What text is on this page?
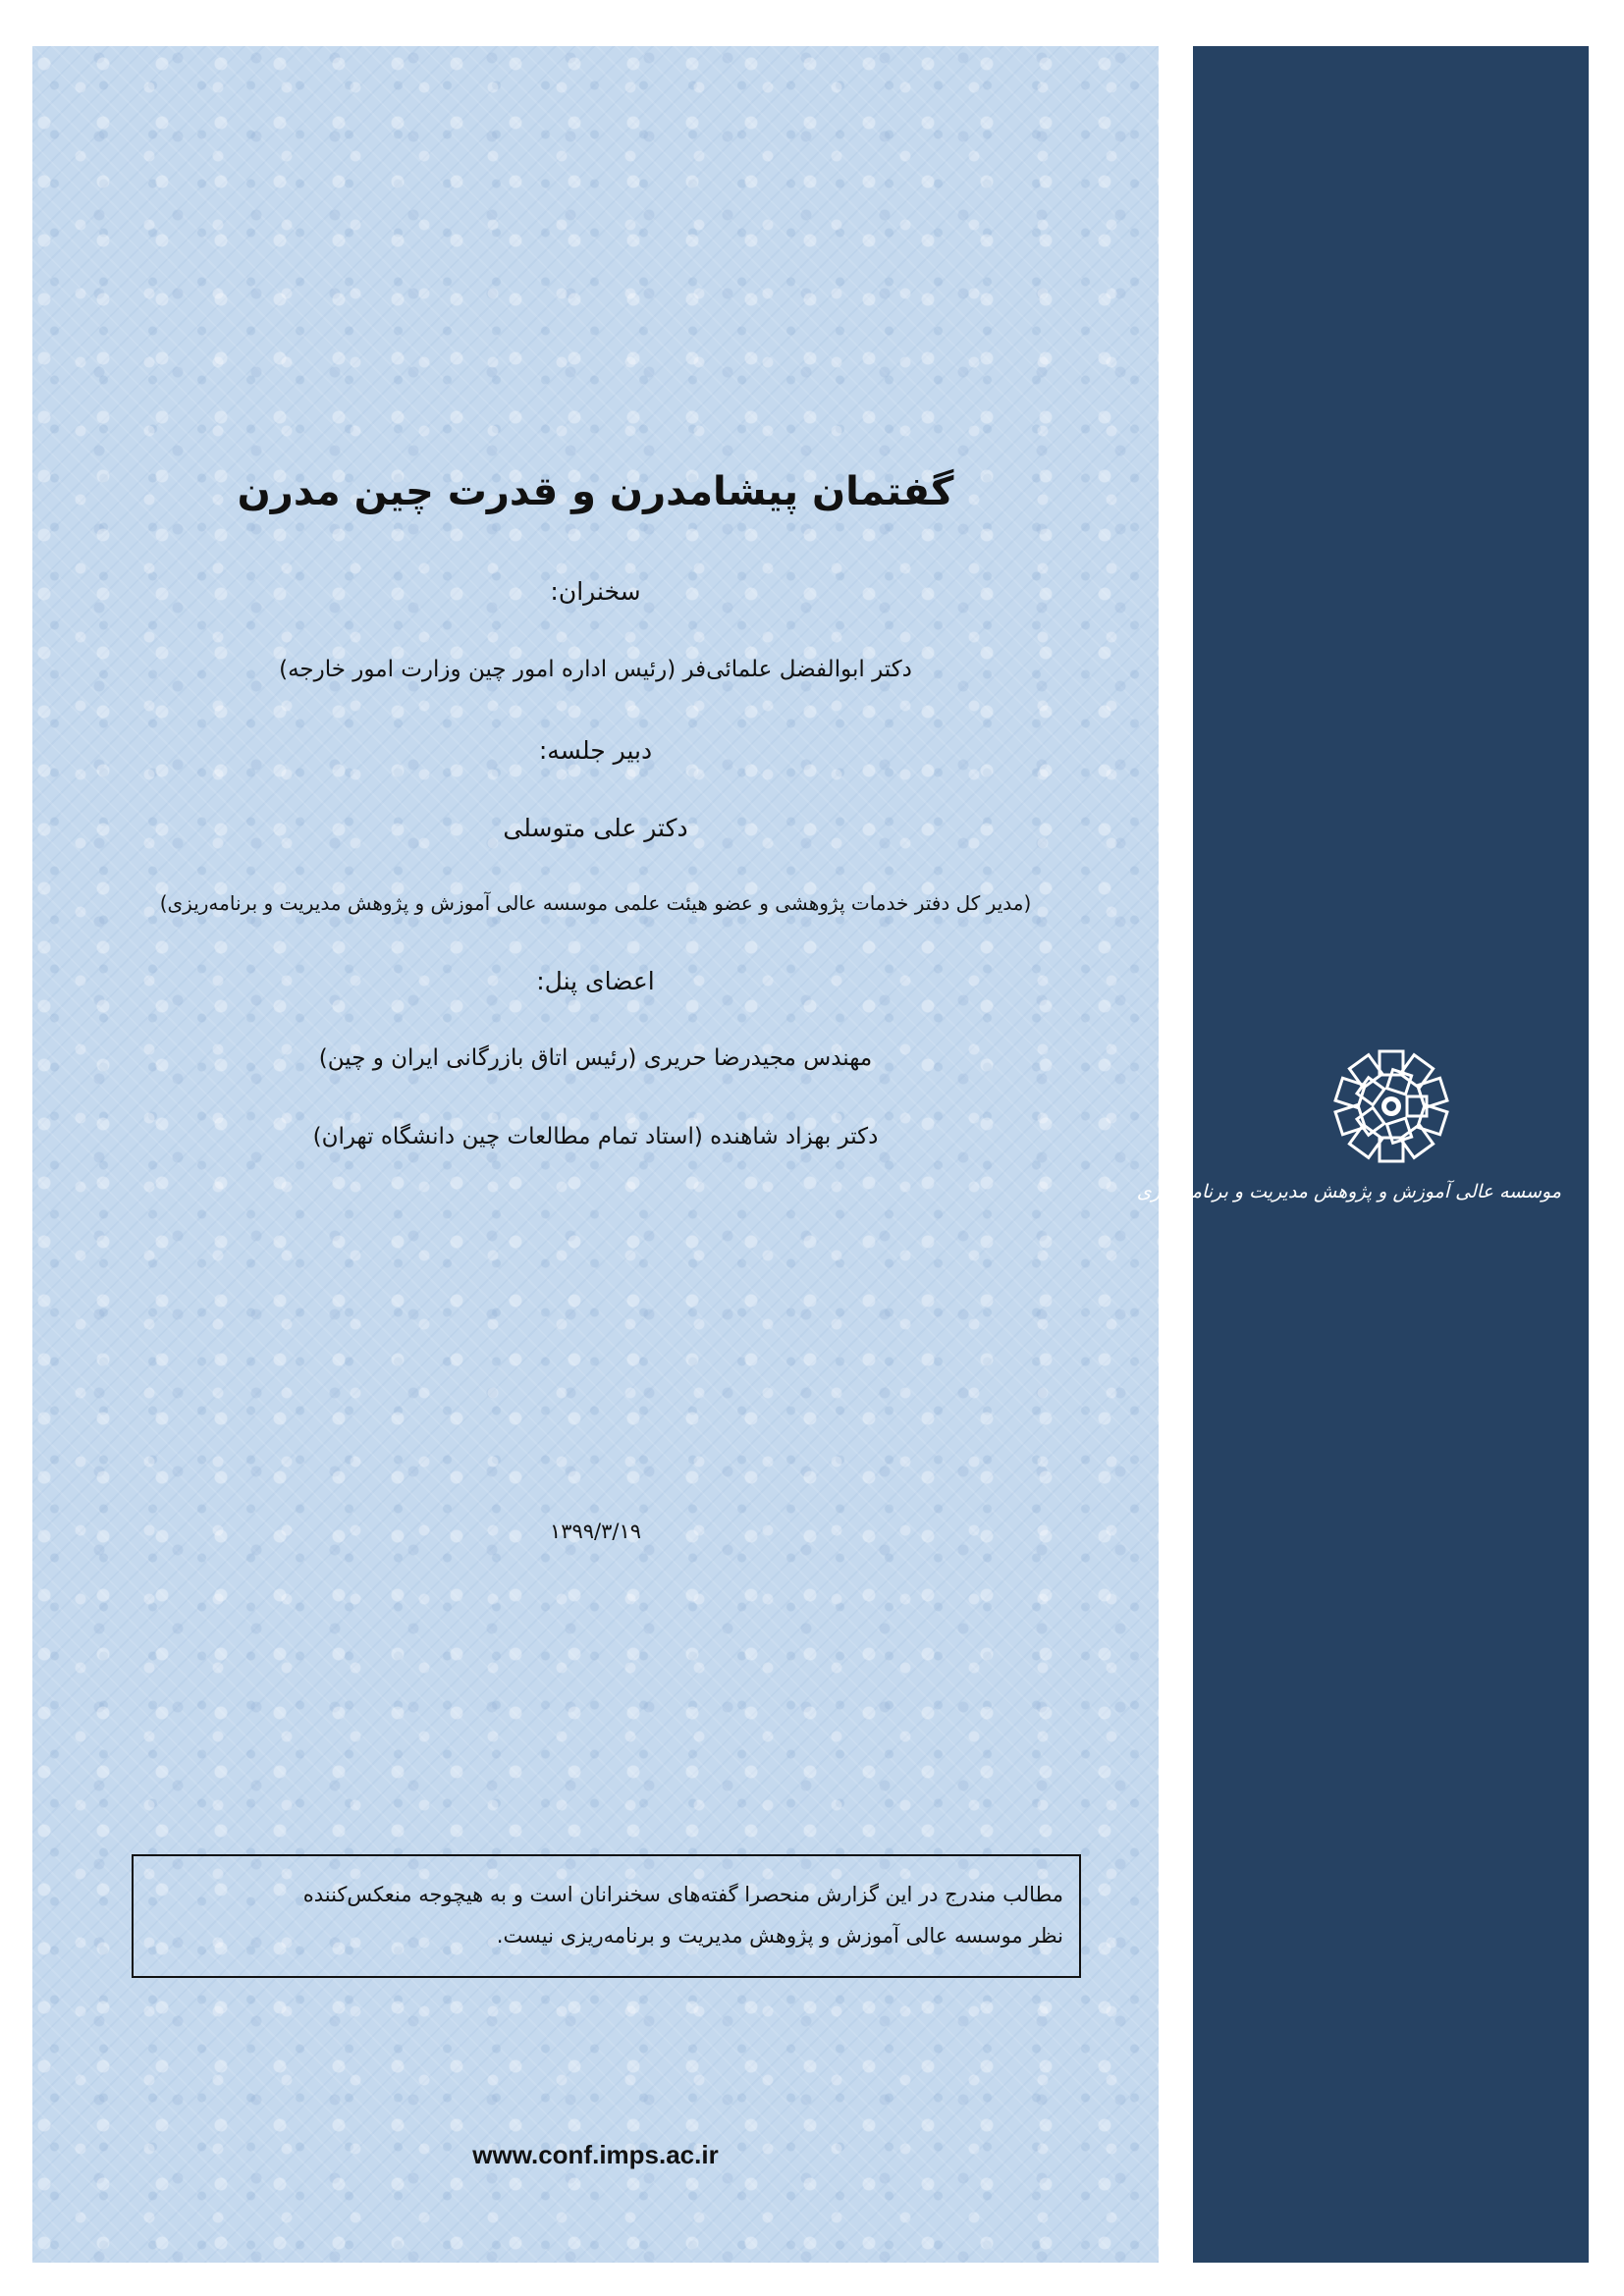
گفتمان پیشامدرن و قدرت چین مدرن
سخنران:
دکتر ابوالفضل علمائی‌فر (رئیس اداره امور چین وزارت امور خارجه)
دبیر جلسه:
دکتر علی متوسلی
(مدیر کل دفتر خدمات پژوهشی و عضو هیئت علمی موسسه عالی آموزش و پژوهش مدیریت و برنامه‌ریزی)
اعضای پنل:
مهندس مجیدرضا حریری (رئیس اتاق بازرگانی ایران و چین)
دکتر بهزاد شاهنده (استاد تمام مطالعات چین دانشگاه تهران)
۱۳۹۹/۳/۱۹

مطالب مندرج در این گزارش منحصرا گفته‌های سخنرانان است و به هیچوجه منعکس‌کننده

نظر موسسه عالی آموزش و پژوهش مدیریت و برنامه‌ریزی نیست.

www.conf.imps.ac.ir
موسسه عالی آموزش و پژوهش مدیریت و برنامه ریزی
